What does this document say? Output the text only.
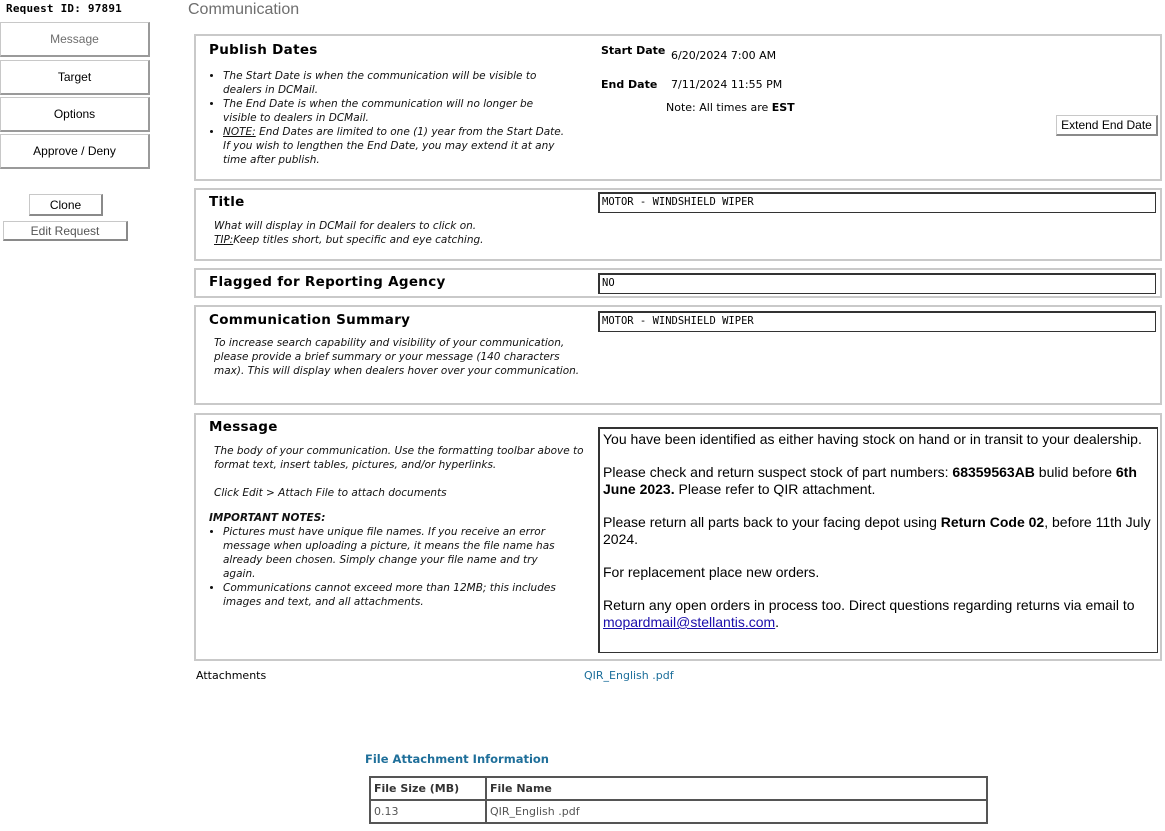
Request ID: 97891
Message
Target
Options
Approve / Deny
Clone
Edit Request
Communication
Publish Dates
• The Start Date is when the communication will be visible to dealers in DCMail.
• The End Date is when the communication will no longer be visible to dealers in DCMail.
• NOTE: End Dates are limited to one (1) year from the Start Date. If you wish to lengthen the End Date, you may extend it at any time after publish.
Start Date 6/20/2024 7:00 AM
End Date 7/11/2024 11:55 PM
Note: All times are EST
Extend End Date
Title
What will display in DCMail for dealers to click on.
TIP:Keep titles short, but specific and eye catching.
MOTOR - WINDSHIELD WIPER
Flagged for Reporting Agency	NO
Communication Summary
To increase search capability and visibility of your communication, please provide a brief summary or your message (140 characters max). This will display when dealers hover over your communication.
MOTOR - WINDSHIELD WIPER
Message
The body of your communication. Use the formatting toolbar above to format text, insert tables, pictures, and/or hyperlinks.
Click Edit > Attach File to attach documents
IMPORTANT NOTES:
• Pictures must have unique file names. If you receive an error message when uploading a picture, it means the file name has already been chosen. Simply change your file name and try again.
• Communications cannot exceed more than 12MB; this includes images and text, and all attachments.

You have been identified as either having stock on hand or in transit to your dealership.

Please check and return suspect stock of part numbers: 68359563AB bulid before 6th June 2023. Please refer to QIR attachment.

Please return all parts back to your facing depot using Return Code 02, before 11th July 2024.

For replacement place new orders.

Return any open orders in process too. Direct questions regarding returns via email to mopardmail@stellantis.com.

Attachments	QIR_English .pdf
File Attachment Information
File Size (MB)	File Name
0.13	QIR_English .pdf
